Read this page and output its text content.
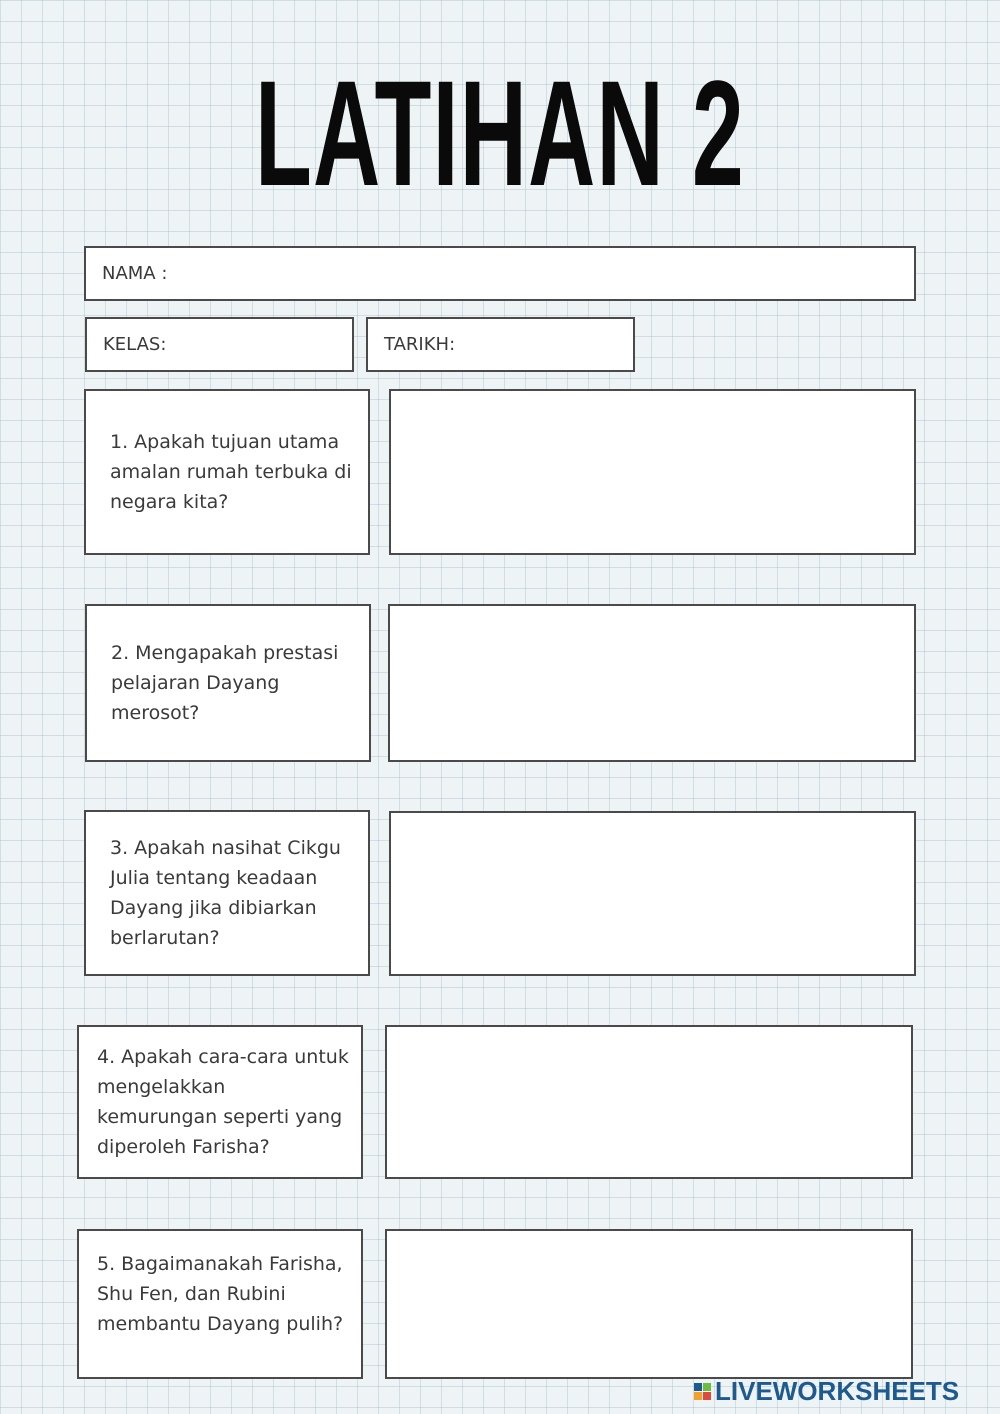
LATIHAN 2
NAMA :
KELAS:	TARIKH:
1. Apakah tujuan utama amalan rumah terbuka di negara kita?
2. Mengapakah prestasi pelajaran Dayang merosot?
3. Apakah nasihat Cikgu Julia tentang keadaan Dayang jika dibiarkan berlarutan?
4. Apakah cara-cara untuk mengelakkan kemurungan seperti yang diperoleh Farisha?
5. Bagaimanakah Farisha, Shu Fen, dan Rubini membantu Dayang pulih?
LIVEWORKSHEETS
